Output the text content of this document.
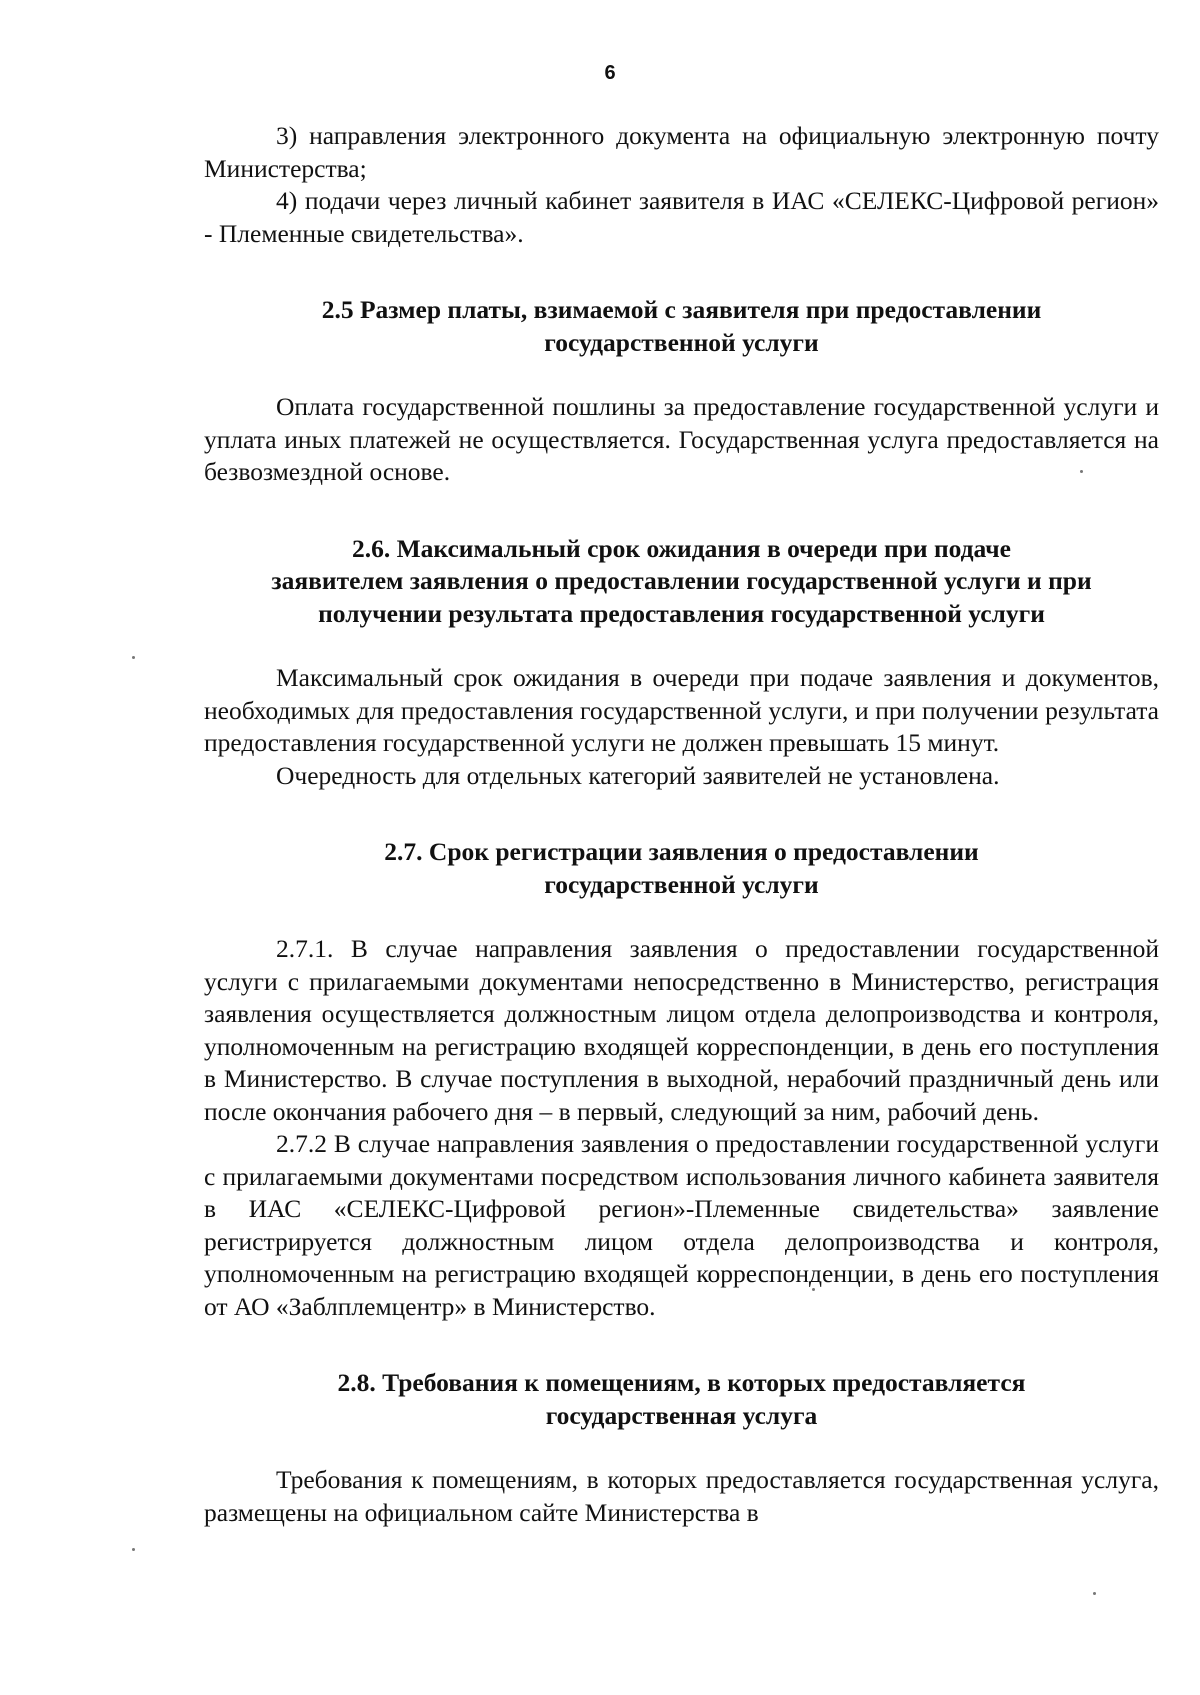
6

3) направления электронного документа на официальную электронную почту Министерства;

4) подачи через личный кабинет заявителя в ИАС «СЕЛЕКС-Цифровой регион» - Племенные свидетельства».

2.5 Размер платы, взимаемой с заявителя при предоставлении
государственной услуги

Оплата государственной пошлины за предоставление государственной услуги и уплата иных платежей не осуществляется. Государственная услуга предоставляется на безвозмездной основе.

2.6. Максимальный срок ожидания в очереди при подаче
заявителем заявления о предоставлении государственной услуги и при
получении результата предоставления государственной услуги

Максимальный срок ожидания в очереди при подаче заявления и документов, необходимых для предоставления государственной услуги, и при получении результата предоставления государственной услуги не должен превышать 15 минут.

Очередность для отдельных категорий заявителей не установлена.

2.7. Срок регистрации заявления о предоставлении
государственной услуги

2.7.1. В случае направления заявления о предоставлении государственной услуги с прилагаемыми документами непосредственно в Министерство, регистрация заявления осуществляется должностным лицом отдела делопроизводства и контроля, уполномоченным на регистрацию входящей корреспонденции, в день его поступления в Министерство. В случае поступления в выходной, нерабочий праздничный день или после окончания рабочего дня – в первый, следующий за ним, рабочий день.

2.7.2 В случае направления заявления о предоставлении государственной услуги с прилагаемыми документами посредством использования личного кабинета заявителя в ИАС «СЕЛЕКС-Цифровой регион»-Племенные свидетельства» заявление регистрируется должностным лицом отдела делопроизводства и контроля, уполномоченным на регистрацию входящей корреспонденции, в день его поступления от АО «Заблплемцентр» в Министерство.

2.8. Требования к помещениям, в которых предоставляется
государственная услуга

Требования к помещениям, в которых предоставляется государственная услуга, размещены на официальном сайте Министерства в
